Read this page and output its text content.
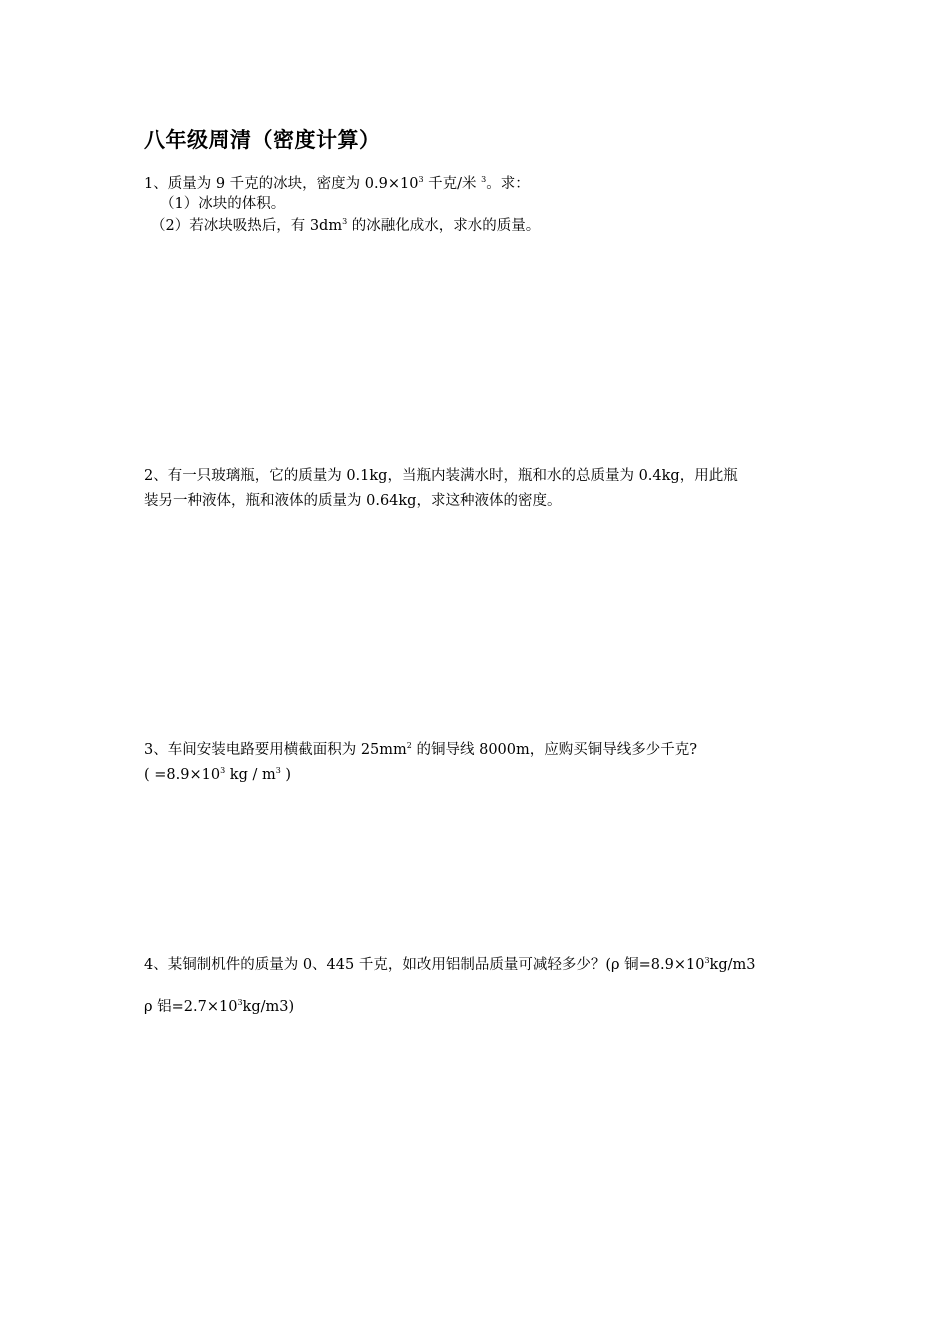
八年级周清（密度计算）
1、质量为 9 千克的冰块，密度为 $0.9\times 10^3$ 千克/米 $^3$。求：
（1）冰块的体积。
（2）若冰块吸热后，有 $3dm^3$ 的冰融化成水，求水的质量。
2、有一只玻璃瓶，它的质量为 0.1kg，当瓶内装满水时，瓶和水的总质量为 0.4kg，用此瓶
装另一种液体，瓶和液体的质量为 0.64kg，求这种液体的密度。
3、车间安装电路要用横截面积为 $25mm^2$ 的铜导线 8000m，应购买铜导线多少千克?
( $=8.9\times 10^3$ kg / $m^3$ )
4、某铜制机件的质量为 0、445 千克，如改用铝制品质量可减轻多少？(ρ 铜$=8.9\times 10^3kg/m3$
ρ 铝$=2.7\times 10^3kg/m3$)
